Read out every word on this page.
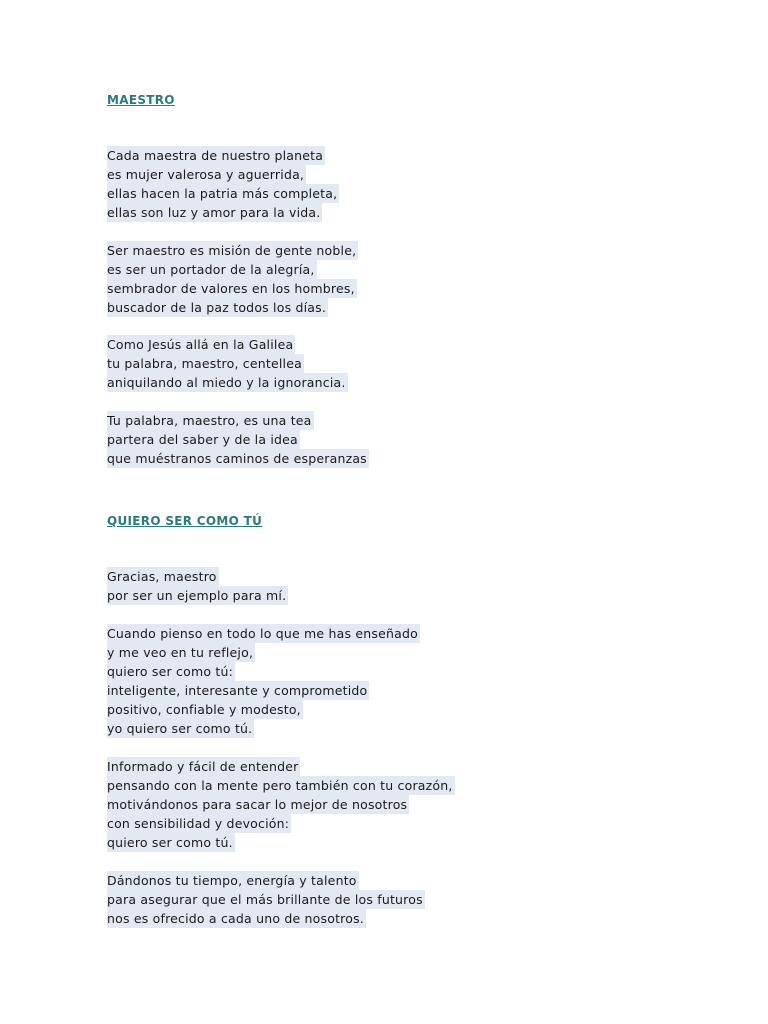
MAESTRO
Cada maestra de nuestro planeta
es mujer valerosa y aguerrida,
ellas hacen la patria más completa,
ellas son luz y amor para la vida.
Ser maestro es misión de gente noble,
es ser un portador de la alegría,
sembrador de valores en los hombres,
buscador de la paz todos los días.
Como Jesús allá en la Galilea
tu palabra, maestro, centellea
aniquilando al miedo y la ignorancia.
Tu palabra, maestro, es una tea
partera del saber y de la idea
que muéstranos caminos de esperanzas
QUIERO SER COMO TÚ
Gracias, maestro
por ser un ejemplo para mí.
Cuando pienso en todo lo que me has enseñado
y me veo en tu reflejo,
quiero ser como tú:
inteligente, interesante y comprometido
positivo, confiable y modesto,
yo quiero ser como tú.
Informado y fácil de entender
pensando con la mente pero también con tu corazón,
motivándonos para sacar lo mejor de nosotros
con sensibilidad y devoción:
quiero ser como tú.
Dándonos tu tiempo, energía y talento
para asegurar que el más brillante de los futuros
nos es ofrecido a cada uno de nosotros.
